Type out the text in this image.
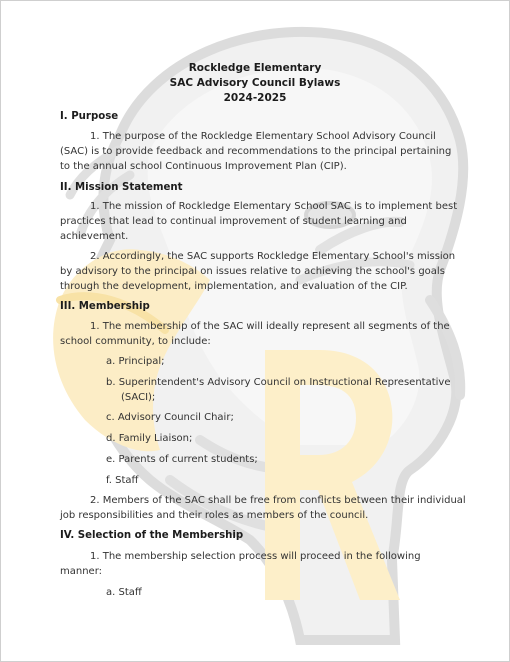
Rockledge Elementary
SAC Advisory Council Bylaws
2024-2025
I. Purpose
1. The purpose of the Rockledge Elementary School Advisory Council
(SAC) is to provide feedback and recommendations to the principal pertaining
to the annual school Continuous Improvement Plan (CIP).
II. Mission Statement
1. The mission of Rockledge Elementary School SAC is to implement best
practices that lead to continual improvement of student learning and
achievement.
2. Accordingly, the SAC supports Rockledge Elementary School's mission
by advisory to the principal on issues relative to achieving the school's goals
through the development, implementation, and evaluation of the CIP.
III. Membership
1. The membership of the SAC will ideally represent all segments of the
school community, to include:
a. Principal;
b. Superintendent's Advisory Council on Instructional Representative
(SACI);
c. Advisory Council Chair;
d. Family Liaison;
e. Parents of current students;
f. Staff
2. Members of the SAC shall be free from conflicts between their individual
job responsibilities and their roles as members of the council.
IV. Selection of the Membership
1. The membership selection process will proceed in the following
manner:
a. Staff
